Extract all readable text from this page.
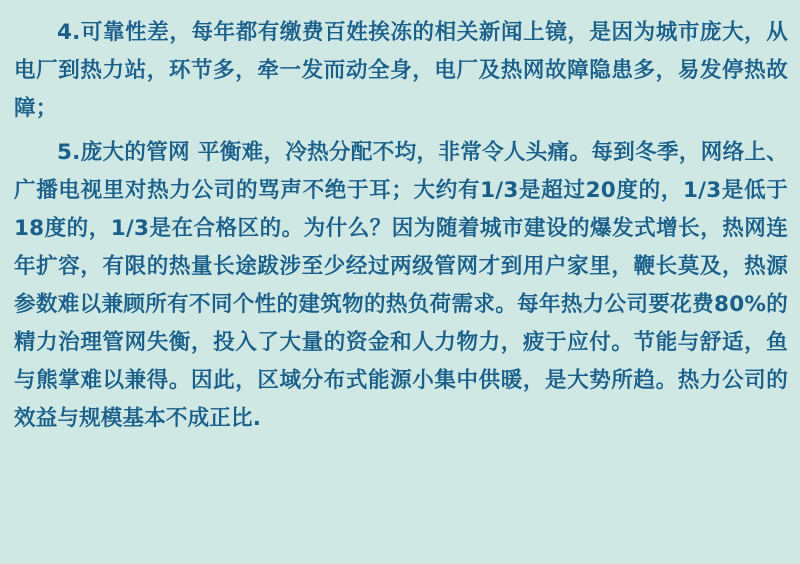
4.可靠性差，每年都有缴费百姓挨冻的相关新闻上镜，是因为城市庞大，从电厂到热力站，环节多，牵一发而动全身，电厂及热网故障隐患多，易发停热故障；

5.庞大的管网 平衡难，冷热分配不均，非常令人头痛。每到冬季，网络上、广播电视里对热力公司的骂声不绝于耳；大约有1/3是超过20度的，1/3是低于18度的，1/3是在合格区的。为什么？因为随着城市建设的爆发式增长，热网连年扩容，有限的热量长途跋涉至少经过两级管网才到用户家里，鞭长莫及，热源参数难以兼顾所有不同个性的建筑物的热负荷需求。每年热力公司要花费80%的精力治理管网失衡，投入了大量的资金和人力物力，疲于应付。节能与舒适，鱼与熊掌难以兼得。因此，区域分布式能源小集中供暖，是大势所趋。热力公司的效益与规模基本不成正比.
